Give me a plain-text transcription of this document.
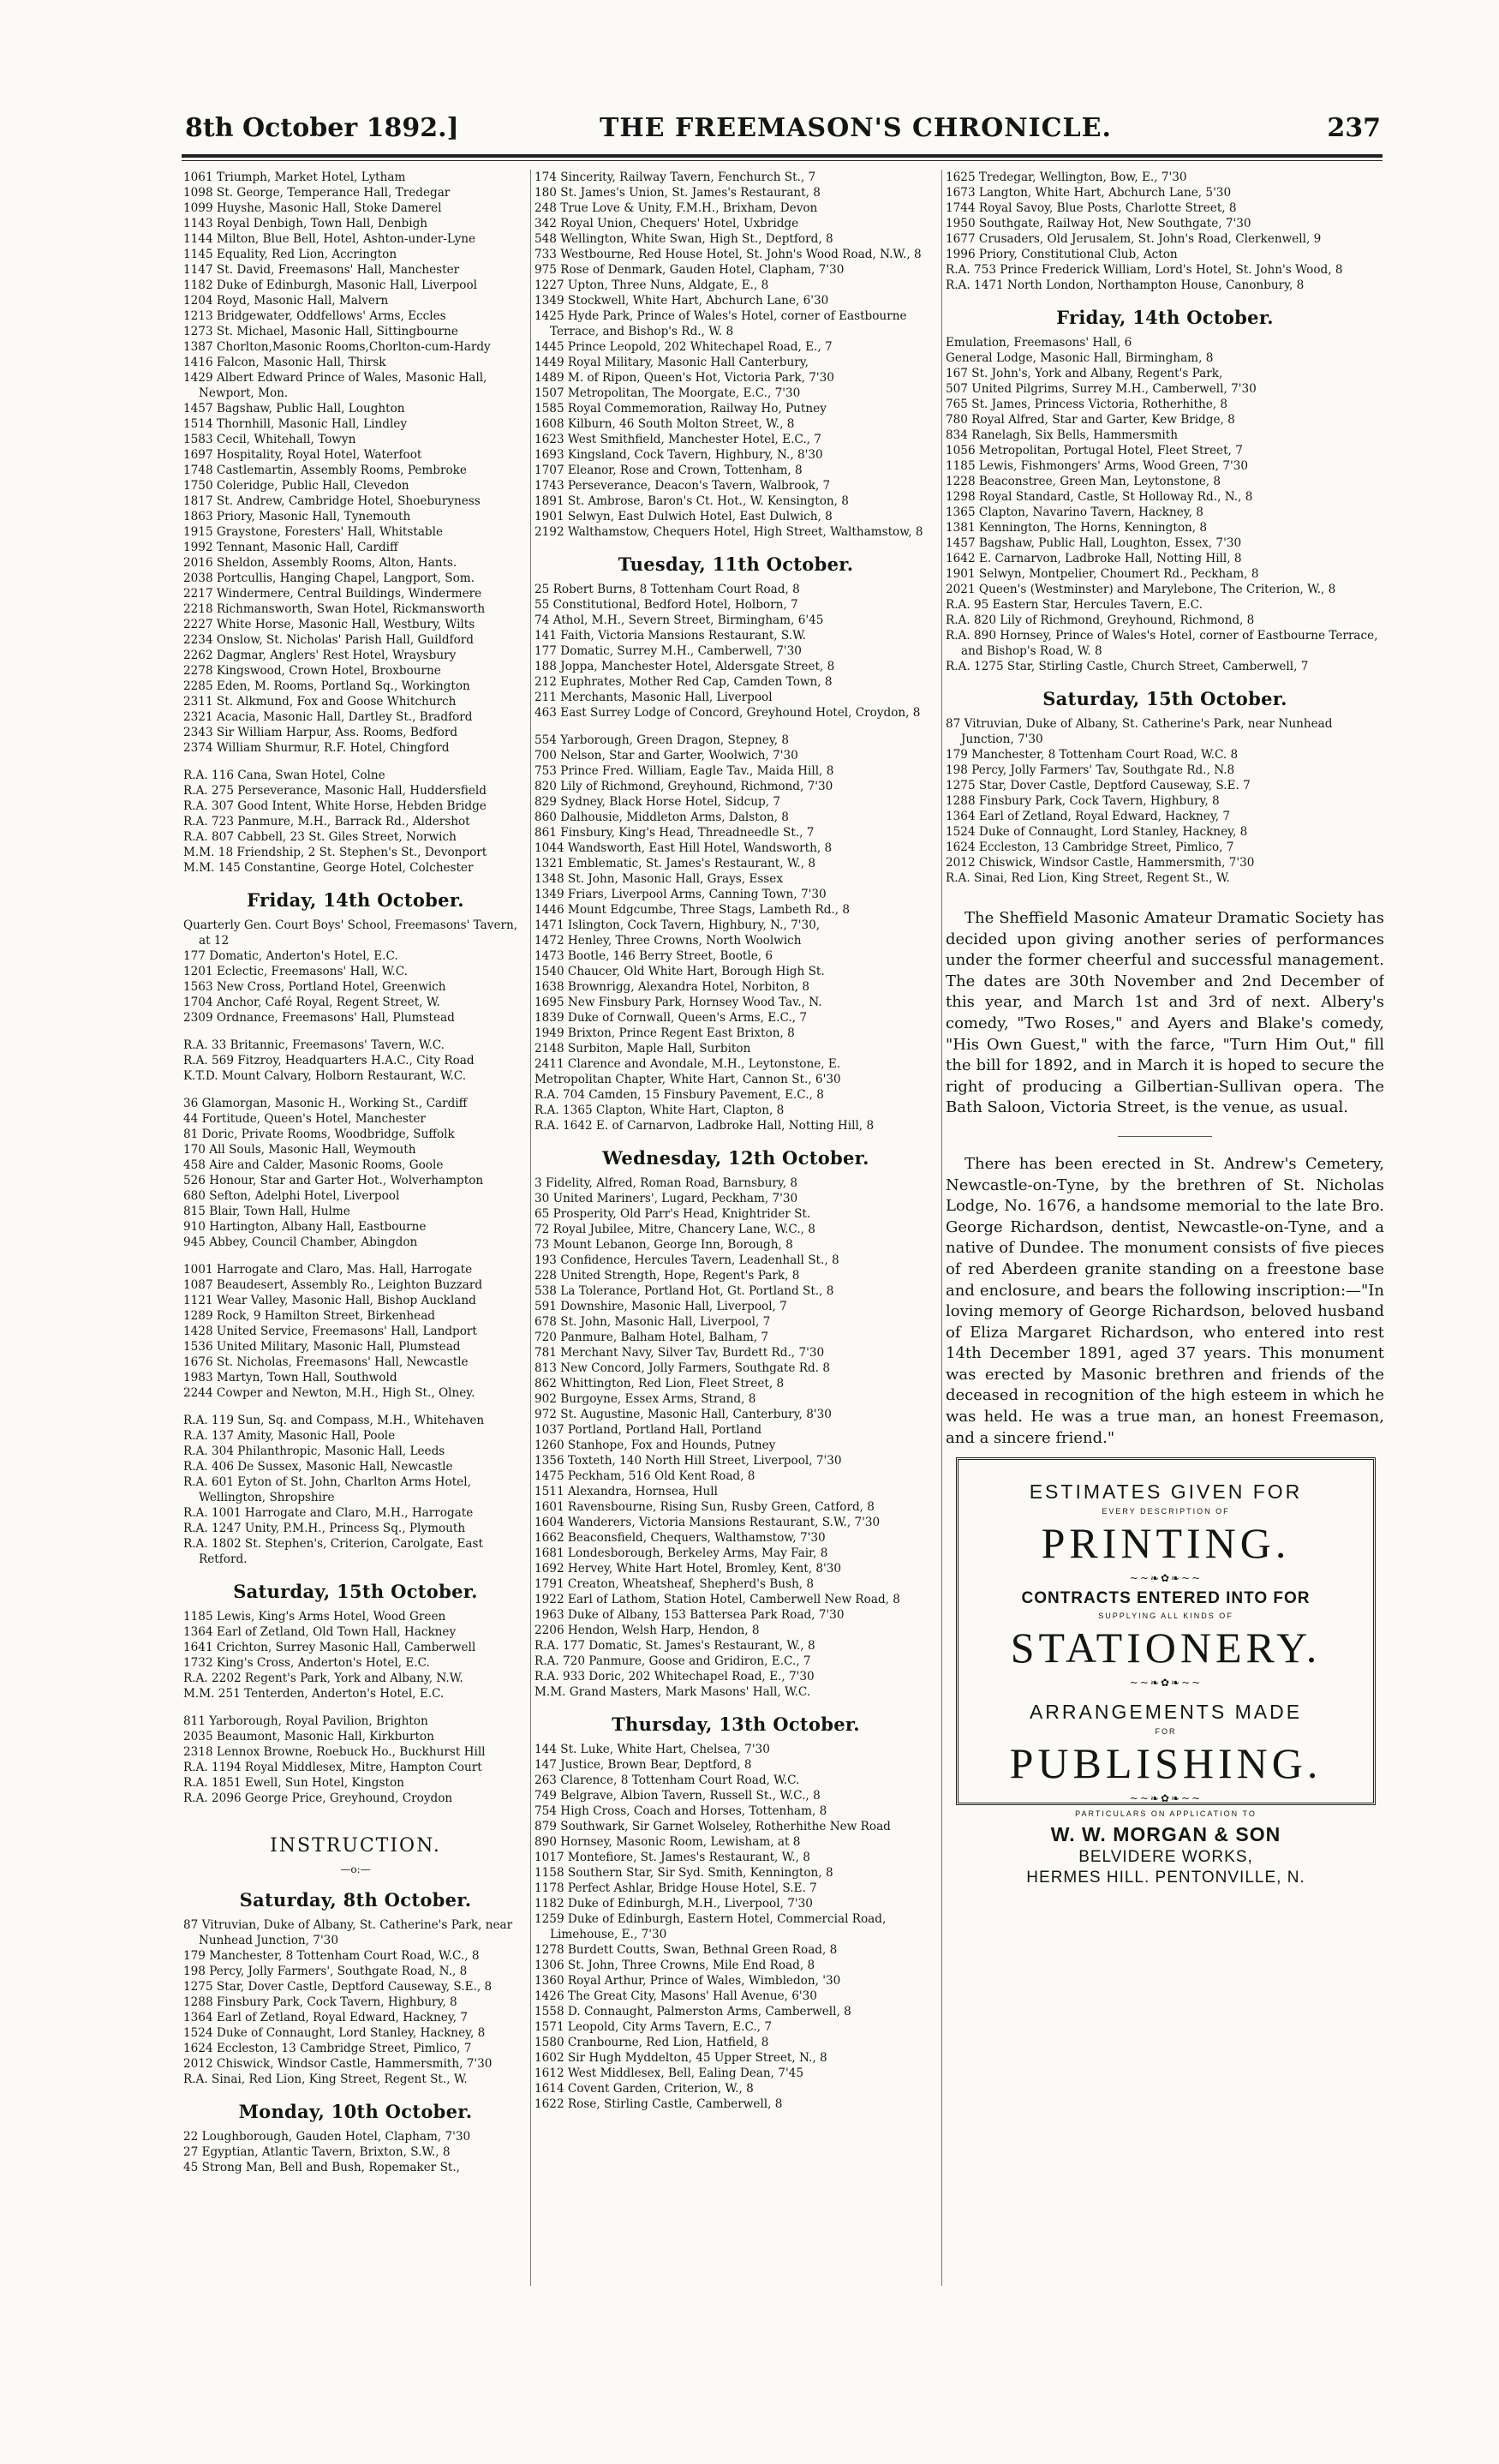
8th October 1892.]	THE FREEMASON'S CHRONICLE.	237
1061 Triumph, Market Hotel, Lytham
1098 St. George, Temperance Hall, Tredegar
1099 Huyshe, Masonic Hall, Stoke Damerel
1143 Royal Denbigh, Town Hall, Denbigh
1144 Milton, Blue Bell, Hotel, Ashton-under-Lyne
1145 Equality, Red Lion, Accrington
1147 St. David, Freemasons' Hall, Manchester
1182 Duke of Edinburgh, Masonic Hall, Liverpool
1204 Royd, Masonic Hall, Malvern
1213 Bridgewater, Oddfellows' Arms, Eccles
1273 St. Michael, Masonic Hall, Sittingbourne
1387 Chorlton,Masonic Rooms,Chorlton-cum-Hardy
1416 Falcon, Masonic Hall, Thirsk
1429 Albert Edward Prince of Wales, Masonic Hall, Newport, Mon.
1457 Bagshaw, Public Hall, Loughton
1514 Thornhill, Masonic Hall, Lindley
1583 Cecil, Whitehall, Towyn
1697 Hospitality, Royal Hotel, Waterfoot
1748 Castlemartin, Assembly Rooms, Pembroke
1750 Coleridge, Public Hall, Clevedon
1817 St. Andrew, Cambridge Hotel, Shoeburyness
1863 Priory, Masonic Hall, Tynemouth
1915 Graystone, Foresters' Hall, Whitstable
1992 Tennant, Masonic Hall, Cardiff
2016 Sheldon, Assembly Rooms, Alton, Hants.
2038 Portcullis, Hanging Chapel, Langport, Som.
2217 Windermere, Central Buildings, Windermere
2218 Richmansworth, Swan Hotel, Rickmansworth
2227 White Horse, Masonic Hall, Westbury, Wilts
2234 Onslow, St. Nicholas' Parish Hall, Guildford
2262 Dagmar, Anglers' Rest Hotel, Wraysbury
2278 Kingswood, Crown Hotel, Broxbourne
2285 Eden, M. Rooms, Portland Sq., Workington
2311 St. Alkmund, Fox and Goose Whitchurch
2321 Acacia, Masonic Hall, Dartley St., Bradford
2343 Sir William Harpur, Ass. Rooms, Bedford
2374 William Shurmur, R.F. Hotel, Chingford
R.A. 116 Cana, Swan Hotel, Colne
R.A. 275 Perseverance, Masonic Hall, Huddersfield
R.A. 307 Good Intent, White Horse, Hebden Bridge
R.A. 723 Panmure, M.H., Barrack Rd., Aldershot
R.A. 807 Cabbell, 23 St. Giles Street, Norwich
M.M. 18 Friendship, 2 St. Stephen's St., Devonport
M.M. 145 Constantine, George Hotel, Colchester
Friday, 14th October.
Quarterly Gen. Court Boys' School, Freemasons' Tavern, at 12
177 Domatic, Anderton's Hotel, E.C.
1201 Eclectic, Freemasons' Hall, W.C.
1563 New Cross, Portland Hotel, Greenwich
1704 Anchor, Café Royal, Regent Street, W.
2309 Ordnance, Freemasons' Hall, Plumstead
R.A. 33 Britannic, Freemasons' Tavern, W.C.
R.A. 569 Fitzroy, Headquarters H.A.C., City Road
K.T.D. Mount Calvary, Holborn Restaurant, W.C.
36 Glamorgan, Masonic H., Working St., Cardiff
44 Fortitude, Queen's Hotel, Manchester
81 Doric, Private Rooms, Woodbridge, Suffolk
170 All Souls, Masonic Hall, Weymouth
458 Aire and Calder, Masonic Rooms, Goole
526 Honour, Star and Garter Hot., Wolverhampton
680 Sefton, Adelphi Hotel, Liverpool
815 Blair, Town Hall, Hulme
910 Hartington, Albany Hall, Eastbourne
945 Abbey, Council Chamber, Abingdon
1001 Harrogate and Claro, Mas. Hall, Harrogate
1087 Beaudesert, Assembly Ro., Leighton Buzzard
1121 Wear Valley, Masonic Hall, Bishop Auckland
1289 Rock, 9 Hamilton Street, Birkenhead
1428 United Service, Freemasons' Hall, Landport
1536 United Military, Masonic Hall, Plumstead
1676 St. Nicholas, Freemasons' Hall, Newcastle
1983 Martyn, Town Hall, Southwold
2244 Cowper and Newton, M.H., High St., Olney.
R.A. 119 Sun, Sq. and Compass, M.H., Whitehaven
R.A. 137 Amity, Masonic Hall, Poole
R.A. 304 Philanthropic, Masonic Hall, Leeds
R.A. 406 De Sussex, Masonic Hall, Newcastle
R.A. 601 Eyton of St. John, Charlton Arms Hotel, Wellington, Shropshire
R.A. 1001 Harrogate and Claro, M.H., Harrogate
R.A. 1247 Unity, P.M.H., Princess Sq., Plymouth
R.A. 1802 St. Stephen's, Criterion, Carolgate, East Retford.
Saturday, 15th October.
1185 Lewis, King's Arms Hotel, Wood Green
1364 Earl of Zetland, Old Town Hall, Hackney
1641 Crichton, Surrey Masonic Hall, Camberwell
1732 King's Cross, Anderton's Hotel, E.C.
R.A. 2202 Regent's Park, York and Albany, N.W.
M.M. 251 Tenterden, Anderton's Hotel, E.C.
811 Yarborough, Royal Pavilion, Brighton
2035 Beaumont, Masonic Hall, Kirkburton
2318 Lennox Browne, Roebuck Ho., Buckhurst Hill
R.A. 1194 Royal Middlesex, Mitre, Hampton Court
R.A. 1851 Ewell, Sun Hotel, Kingston
R.A. 2096 George Price, Greyhound, Croydon
INSTRUCTION.
—o:—
Saturday, 8th October.
87 Vitruvian, Duke of Albany, St. Catherine's Park, near Nunhead Junction, 7'30
179 Manchester, 8 Tottenham Court Road, W.C., 8
198 Percy, Jolly Farmers', Southgate Road, N., 8
1275 Star, Dover Castle, Deptford Causeway, S.E., 8
1288 Finsbury Park, Cock Tavern, Highbury, 8
1364 Earl of Zetland, Royal Edward, Hackney, 7
1524 Duke of Connaught, Lord Stanley, Hackney, 8
1624 Eccleston, 13 Cambridge Street, Pimlico, 7
2012 Chiswick, Windsor Castle, Hammersmith, 7'30
R.A. Sinai, Red Lion, King Street, Regent St., W.
Monday, 10th October.
22 Loughborough, Gauden Hotel, Clapham, 7'30
27 Egyptian, Atlantic Tavern, Brixton, S.W., 8
45 Strong Man, Bell and Bush, Ropemaker St.,
174 Sincerity, Railway Tavern, Fenchurch St., 7
180 St. James's Union, St. James's Restaurant, 8
248 True Love & Unity, F.M.H., Brixham, Devon
342 Royal Union, Chequers' Hotel, Uxbridge
548 Wellington, White Swan, High St., Deptford, 8
733 Westbourne, Red House Hotel, St. John's Wood Road, N.W., 8
975 Rose of Denmark, Gauden Hotel, Clapham, 7'30
1227 Upton, Three Nuns, Aldgate, E., 8
1349 Stockwell, White Hart, Abchurch Lane, 6'30
1425 Hyde Park, Prince of Wales's Hotel, corner of Eastbourne Terrace, and Bishop's Rd., W. 8
1445 Prince Leopold, 202 Whitechapel Road, E., 7
1449 Royal Military, Masonic Hall Canterbury,
1489 M. of Ripon, Queen's Hot, Victoria Park, 7'30
1507 Metropolitan, The Moorgate, E.C., 7'30
1585 Royal Commemoration, Railway Ho, Putney
1608 Kilburn, 46 South Molton Street, W., 8
1623 West Smithfield, Manchester Hotel, E.C., 7
1693 Kingsland, Cock Tavern, Highbury, N., 8'30
1707 Eleanor, Rose and Crown, Tottenham, 8
1743 Perseverance, Deacon's Tavern, Walbrook, 7
1891 St. Ambrose, Baron's Ct. Hot., W. Kensington, 8
1901 Selwyn, East Dulwich Hotel, East Dulwich, 8
2192 Walthamstow, Chequers Hotel, High Street, Walthamstow, 8
Tuesday, 11th October.
25 Robert Burns, 8 Tottenham Court Road, 8
55 Constitutional, Bedford Hotel, Holborn, 7
74 Athol, M.H., Severn Street, Birmingham, 6'45
141 Faith, Victoria Mansions Restaurant, S.W.
177 Domatic, Surrey M.H., Camberwell, 7'30
188 Joppa, Manchester Hotel, Aldersgate Street, 8
212 Euphrates, Mother Red Cap, Camden Town, 8
211 Merchants, Masonic Hall, Liverpool
463 East Surrey Lodge of Concord, Greyhound Hotel, Croydon, 8
554 Yarborough, Green Dragon, Stepney, 8
700 Nelson, Star and Garter, Woolwich, 7'30
753 Prince Fred. William, Eagle Tav., Maida Hill, 8
820 Lily of Richmond, Greyhound, Richmond, 7'30
829 Sydney, Black Horse Hotel, Sidcup, 7
860 Dalhousie, Middleton Arms, Dalston, 8
861 Finsbury, King's Head, Threadneedle St., 7
1044 Wandsworth, East Hill Hotel, Wandsworth, 8
1321 Emblematic, St. James's Restaurant, W., 8
1348 St. John, Masonic Hall, Grays, Essex
1349 Friars, Liverpool Arms, Canning Town, 7'30
1446 Mount Edgcumbe, Three Stags, Lambeth Rd., 8
1471 Islington, Cock Tavern, Highbury, N., 7'30,
1472 Henley, Three Crowns, North Woolwich
1473 Bootle, 146 Berry Street, Bootle, 6
1540 Chaucer, Old White Hart, Borough High St.
1638 Brownrigg, Alexandra Hotel, Norbiton, 8
1695 New Finsbury Park, Hornsey Wood Tav., N.
1839 Duke of Cornwall, Queen's Arms, E.C., 7
1949 Brixton, Prince Regent East Brixton, 8
2148 Surbiton, Maple Hall, Surbiton
2411 Clarence and Avondale, M.H., Leytonstone, E.
Metropolitan Chapter, White Hart, Cannon St., 6'30
R.A. 704 Camden, 15 Finsbury Pavement, E.C., 8
R.A. 1365 Clapton, White Hart, Clapton, 8
R.A. 1642 E. of Carnarvon, Ladbroke Hall, Notting Hill, 8
Wednesday, 12th October.
3 Fidelity, Alfred, Roman Road, Barnsbury, 8
30 United Mariners', Lugard, Peckham, 7'30
65 Prosperity, Old Parr's Head, Knightrider St.
72 Royal Jubilee, Mitre, Chancery Lane, W.C., 8
73 Mount Lebanon, George Inn, Borough, 8
193 Confidence, Hercules Tavern, Leadenhall St., 8
228 United Strength, Hope, Regent's Park, 8
538 La Tolerance, Portland Hot, Gt. Portland St., 8
591 Downshire, Masonic Hall, Liverpool, 7
678 St. John, Masonic Hall, Liverpool, 7
720 Panmure, Balham Hotel, Balham, 7
781 Merchant Navy, Silver Tav, Burdett Rd., 7'30
813 New Concord, Jolly Farmers, Southgate Rd. 8
862 Whittington, Red Lion, Fleet Street, 8
902 Burgoyne, Essex Arms, Strand, 8
972 St. Augustine, Masonic Hall, Canterbury, 8'30
1037 Portland, Portland Hall, Portland
1260 Stanhope, Fox and Hounds, Putney
1356 Toxteth, 140 North Hill Street, Liverpool, 7'30
1475 Peckham, 516 Old Kent Road, 8
1511 Alexandra, Hornsea, Hull
1601 Ravensbourne, Rising Sun, Rusby Green, Catford, 8
1604 Wanderers, Victoria Mansions Restaurant, S.W., 7'30
1662 Beaconsfield, Chequers, Walthamstow, 7'30
1681 Londesborough, Berkeley Arms, May Fair, 8
1692 Hervey, White Hart Hotel, Bromley, Kent, 8'30
1791 Creaton, Wheatsheaf, Shepherd's Bush, 8
1922 Earl of Lathom, Station Hotel, Camberwell New Road, 8
1963 Duke of Albany, 153 Battersea Park Road, 7'30
2206 Hendon, Welsh Harp, Hendon, 8
R.A. 177 Domatic, St. James's Restaurant, W., 8
R.A. 720 Panmure, Goose and Gridiron, E.C., 7
R.A. 933 Doric, 202 Whitechapel Road, E., 7'30
M.M. Grand Masters, Mark Masons' Hall, W.C.
Thursday, 13th October.
144 St. Luke, White Hart, Chelsea, 7'30
147 Justice, Brown Bear, Deptford, 8
263 Clarence, 8 Tottenham Court Road, W.C.
749 Belgrave, Albion Tavern, Russell St., W.C., 8
754 High Cross, Coach and Horses, Tottenham, 8
879 Southwark, Sir Garnet Wolseley, Rotherhithe New Road
890 Hornsey, Masonic Room, Lewisham, at 8
1017 Montefiore, St. James's Restaurant, W., 8
1158 Southern Star, Sir Syd. Smith, Kennington, 8
1178 Perfect Ashlar, Bridge House Hotel, S.E. 7
1182 Duke of Edinburgh, M.H., Liverpool, 7'30
1259 Duke of Edinburgh, Eastern Hotel, Commercial Road, Limehouse, E., 7'30
1278 Burdett Coutts, Swan, Bethnal Green Road, 8
1306 St. John, Three Crowns, Mile End Road, 8
1360 Royal Arthur, Prince of Wales, Wimbledon, '30
1426 The Great City, Masons' Hall Avenue, 6'30
1558 D. Connaught, Palmerston Arms, Camberwell, 8
1571 Leopold, City Arms Tavern, E.C., 7
1580 Cranbourne, Red Lion, Hatfield, 8
1602 Sir Hugh Myddelton, 45 Upper Street, N., 8
1612 West Middlesex, Bell, Ealing Dean, 7'45
1614 Covent Garden, Criterion, W., 8
1622 Rose, Stirling Castle, Camberwell, 8
1625 Tredegar, Wellington, Bow, E., 7'30
1673 Langton, White Hart, Abchurch Lane, 5'30
1744 Royal Savoy, Blue Posts, Charlotte Street, 8
1950 Southgate, Railway Hot, New Southgate, 7'30
1677 Crusaders, Old Jerusalem, St. John's Road, Clerkenwell, 9
1996 Priory, Constitutional Club, Acton
R.A. 753 Prince Frederick William, Lord's Hotel, St. John's Wood, 8
R.A. 1471 North London, Northampton House, Canonbury, 8
Friday, 14th October.
Emulation, Freemasons' Hall, 6
General Lodge, Masonic Hall, Birmingham, 8
167 St. John's, York and Albany, Regent's Park,
507 United Pilgrims, Surrey M.H., Camberwell, 7'30
765 St. James, Princess Victoria, Rotherhithe, 8
780 Royal Alfred, Star and Garter, Kew Bridge, 8
834 Ranelagh, Six Bells, Hammersmith
1056 Metropolitan, Portugal Hotel, Fleet Street, 7
1185 Lewis, Fishmongers' Arms, Wood Green, 7'30
1228 Beaconstree, Green Man, Leytonstone, 8
1298 Royal Standard, Castle, St Holloway Rd., N., 8
1365 Clapton, Navarino Tavern, Hackney, 8
1381 Kennington, The Horns, Kennington, 8
1457 Bagshaw, Public Hall, Loughton, Essex, 7'30
1642 E. Carnarvon, Ladbroke Hall, Notting Hill, 8
1901 Selwyn, Montpelier, Choumert Rd., Peckham, 8
2021 Queen's (Westminster) and Marylebone, The Criterion, W., 8
R.A. 95 Eastern Star, Hercules Tavern, E.C.
R.A. 820 Lily of Richmond, Greyhound, Richmond, 8
R.A. 890 Hornsey, Prince of Wales's Hotel, corner of Eastbourne Terrace, and Bishop's Road, W. 8
R.A. 1275 Star, Stirling Castle, Church Street, Camberwell, 7
Saturday, 15th October.
87 Vitruvian, Duke of Albany, St. Catherine's Park, near Nunhead Junction, 7'30
179 Manchester, 8 Tottenham Court Road, W.C. 8
198 Percy, Jolly Farmers' Tav, Southgate Rd., N.8
1275 Star, Dover Castle, Deptford Causeway, S.E. 7
1288 Finsbury Park, Cock Tavern, Highbury, 8
1364 Earl of Zetland, Royal Edward, Hackney, 7
1524 Duke of Connaught, Lord Stanley, Hackney, 8
1624 Eccleston, 13 Cambridge Street, Pimlico, 7
2012 Chiswick, Windsor Castle, Hammersmith, 7'30
R.A. Sinai, Red Lion, King Street, Regent St., W.

The Sheffield Masonic Amateur Dramatic Society has decided upon giving another series of performances under the former cheerful and successful management. The dates are 30th November and 2nd December of this year, and March 1st and 3rd of next. Albery's comedy, "Two Roses," and Ayers and Blake's comedy, "His Own Guest," with the farce, "Turn Him Out," fill the bill for 1892, and in March it is hoped to secure the right of producing a Gilbertian-Sullivan opera. The Bath Saloon, Victoria Street, is the venue, as usual.

There has been erected in St. Andrew's Cemetery, Newcastle-on-Tyne, by the brethren of St. Nicholas Lodge, No. 1676, a handsome memorial to the late Bro. George Richardson, dentist, Newcastle-on-Tyne, and a native of Dundee. The monument consists of five pieces of red Aberdeen granite standing on a freestone base and enclosure, and bears the following inscription:—"In loving memory of George Richardson, beloved husband of Eliza Margaret Richardson, who entered into rest 14th December 1891, aged 37 years. This monument was erected by Masonic brethren and friends of the deceased in recognition of the high esteem in which he was held. He was a true man, an honest Freemason, and a sincere friend."

ESTIMATES GIVEN FOR
EVERY DESCRIPTION OF
PRINTING.
~~❧✿❧~~
CONTRACTS ENTERED INTO FOR
SUPPLYING ALL KINDS OF
STATIONERY.
~~❧✿❧~~
ARRANGEMENTS MADE
FOR
PUBLISHING.
~~❧✿❧~~
PARTICULARS ON APPLICATION TO
W. W. MORGAN & SON
BELVIDERE WORKS,
HERMES HILL. PENTONVILLE, N.
